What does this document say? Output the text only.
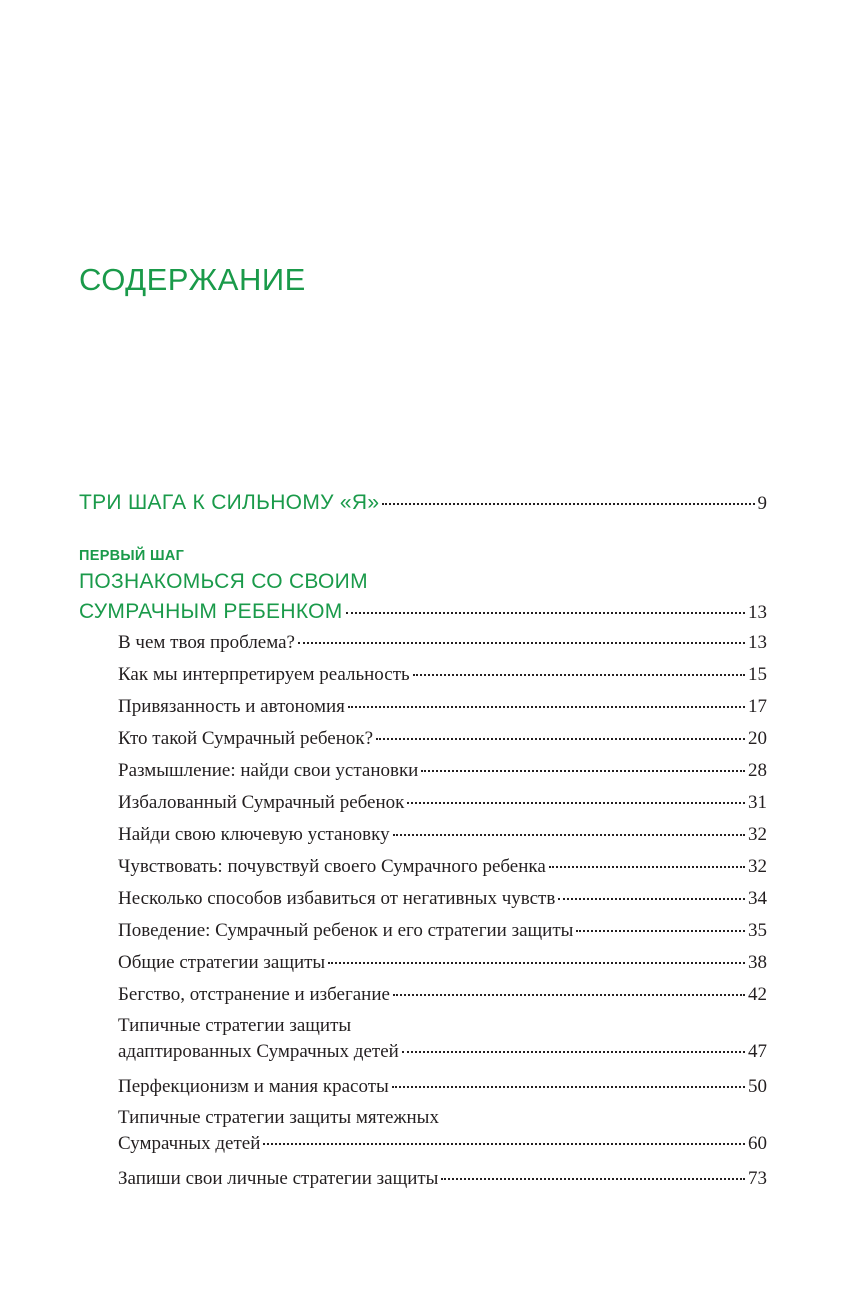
СОДЕРЖАНИЕ
ТРИ ШАГА К СИЛЬНОМУ «Я»	9
ПЕРВЫЙ ШАГ
ПОЗНАКОМЬСЯ СО СВОИМ
СУМРАЧНЫМ РЕБЕНКОМ	13
В чем твоя проблема?	13
Как мы интерпретируем реальность	15
Привязанность и автономия	17
Кто такой Сумрачный ребенок?	20
Размышление: найди свои установки	28
Избалованный Сумрачный ребенок	31
Найди свою ключевую установку	32
Чувствовать: почувствуй своего Сумрачного ребенка	32
Несколько способов избавиться от негативных чувств	34
Поведение: Сумрачный ребенок и его стратегии защиты	35
Общие стратегии защиты	38
Бегство, отстранение и избегание	42
Типичные стратегии защиты
адаптированных Сумрачных детей	47
Перфекционизм и мания красоты	50
Типичные стратегии защиты мятежных
Сумрачных детей	60
Запиши свои личные стратегии защиты	73
